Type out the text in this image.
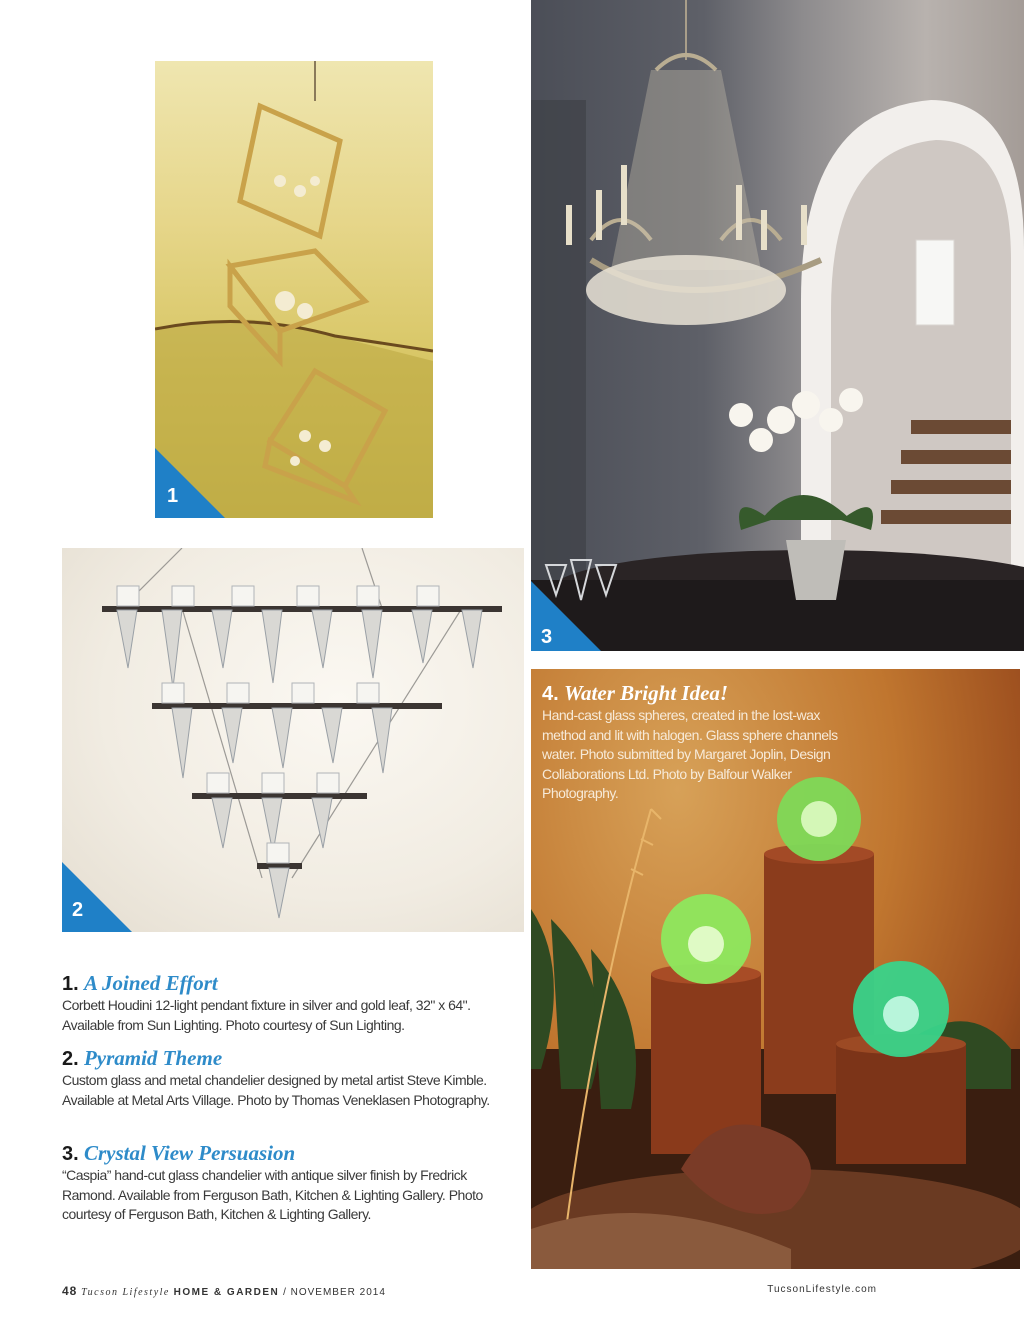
1
2
3

4. Water Bright Idea!

Hand-cast glass spheres, created in the lost-wax method and lit with halogen. Glass sphere channels water. Photo submitted by Margaret Joplin, Design Collaborations Ltd. Photo by Balfour Walker Photography.

1. A Joined Effort

Corbett Houdini 12-light pendant fixture in silver and gold leaf, 32" x 64". Available from Sun Lighting. Photo courtesy of Sun Lighting.

2. Pyramid Theme

Custom glass and metal chandelier designed by metal artist Steve Kimble. Available at Metal Arts Village. Photo by Thomas Veneklasen Photography.

3. Crystal View Persuasion

“Caspia” hand-cut glass chandelier with antique silver finish by Fredrick Ramond. Available from Ferguson Bath, Kitchen & Lighting Gallery. Photo courtesy of Ferguson Bath, Kitchen & Lighting Gallery.

48 Tucson Lifestyle HOME & GARDEN / NOVEMBER 2014	TucsonLifestyle.com
